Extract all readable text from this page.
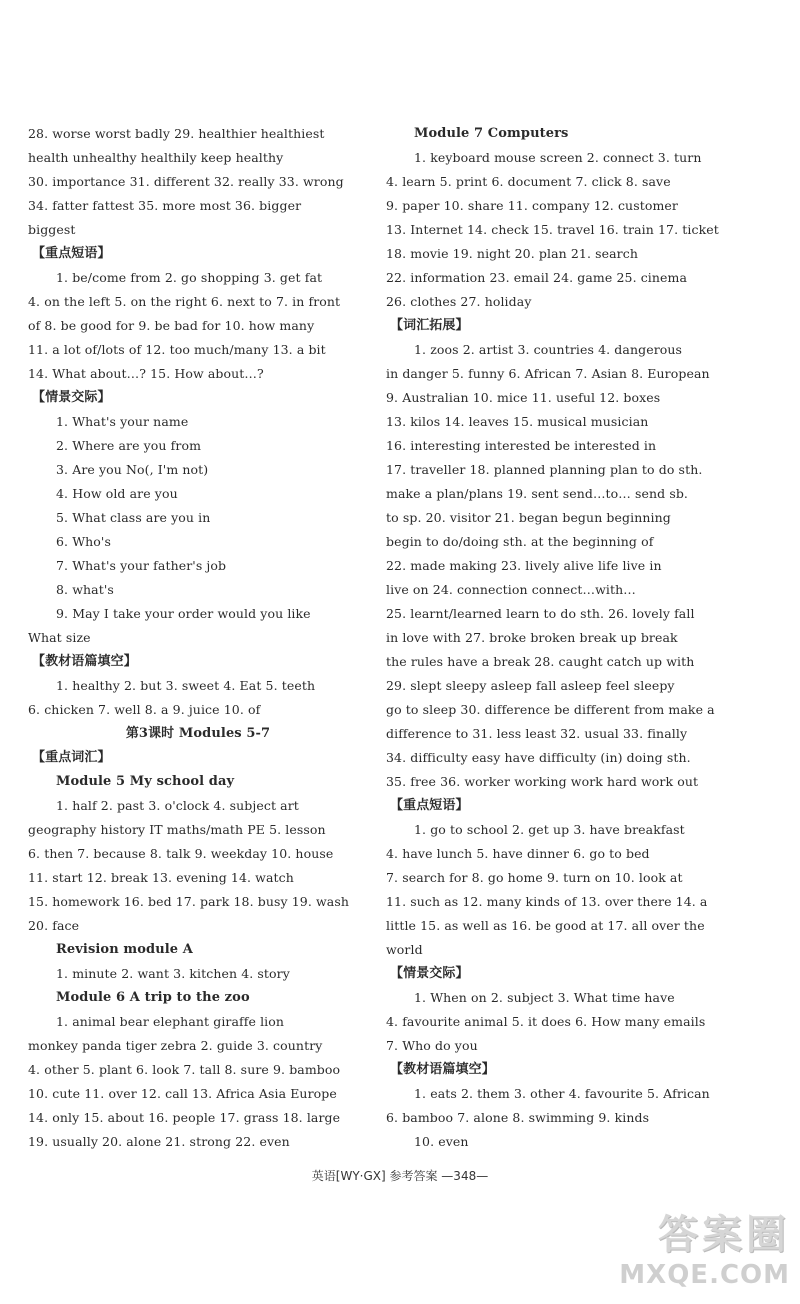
28. worse worst badly 29. healthier healthiest
health unhealthy healthily keep healthy
30. importance 31. different 32. really 33. wrong
34. fatter fattest 35. more most 36. bigger
biggest
【重点短语】
1. be/come from 2. go shopping 3. get fat
4. on the left 5. on the right 6. next to 7. in front
of 8. be good for 9. be bad for 10. how many
11. a lot of/lots of 12. too much/many 13. a bit
14. What about…? 15. How about…?
【情景交际】
1. What's your name
2. Where are you from
3. Are you No(, I'm not)
4. How old are you
5. What class are you in
6. Who's
7. What's your father's job
8. what's
9. May I take your order would you like
What size
【教材语篇填空】
1. healthy 2. but 3. sweet 4. Eat 5. teeth
6. chicken 7. well 8. a 9. juice 10. of
第3课时 Modules 5-7
【重点词汇】
Module 5 My school day
1. half 2. past 3. o'clock 4. subject art
geography history IT maths/math PE 5. lesson
6. then 7. because 8. talk 9. weekday 10. house
11. start 12. break 13. evening 14. watch
15. homework 16. bed 17. park 18. busy 19. wash
20. face
Revision module A
1. minute 2. want 3. kitchen 4. story
Module 6 A trip to the zoo
1. animal bear elephant giraffe lion
monkey panda tiger zebra 2. guide 3. country
4. other 5. plant 6. look 7. tall 8. sure 9. bamboo
10. cute 11. over 12. call 13. Africa Asia Europe
14. only 15. about 16. people 17. grass 18. large
19. usually 20. alone 21. strong 22. even
Module 7 Computers
1. keyboard mouse screen 2. connect 3. turn
4. learn 5. print 6. document 7. click 8. save
9. paper 10. share 11. company 12. customer
13. Internet 14. check 15. travel 16. train 17. ticket
18. movie 19. night 20. plan 21. search
22. information 23. email 24. game 25. cinema
26. clothes 27. holiday
【词汇拓展】
1. zoos 2. artist 3. countries 4. dangerous
in danger 5. funny 6. African 7. Asian 8. European
9. Australian 10. mice 11. useful 12. boxes
13. kilos 14. leaves 15. musical musician
16. interesting interested be interested in
17. traveller 18. planned planning plan to do sth.
make a plan/plans 19. sent send…to… send sb.
to sp. 20. visitor 21. began begun beginning
begin to do/doing sth. at the beginning of
22. made making 23. lively alive life live in
live on 24. connection connect…with…
25. learnt/learned learn to do sth. 26. lovely fall
in love with 27. broke broken break up break
the rules have a break 28. caught catch up with
29. slept sleepy asleep fall asleep feel sleepy
go to sleep 30. difference be different from make a
difference to 31. less least 32. usual 33. finally
34. difficulty easy have difficulty (in) doing sth.
35. free 36. worker working work hard work out
【重点短语】
1. go to school 2. get up 3. have breakfast
4. have lunch 5. have dinner 6. go to bed
7. search for 8. go home 9. turn on 10. look at
11. such as 12. many kinds of 13. over there 14. a
little 15. as well as 16. be good at 17. all over the
world
【情景交际】
1. When on 2. subject 3. What time have
4. favourite animal 5. it does 6. How many emails
7. Who do you
【教材语篇填空】
1. eats 2. them 3. other 4. favourite 5. African
6. bamboo 7. alone 8. swimming 9. kinds
10. even
英语[WY·GX] 参考答案 —348—
答案圈
MXQE.COM
